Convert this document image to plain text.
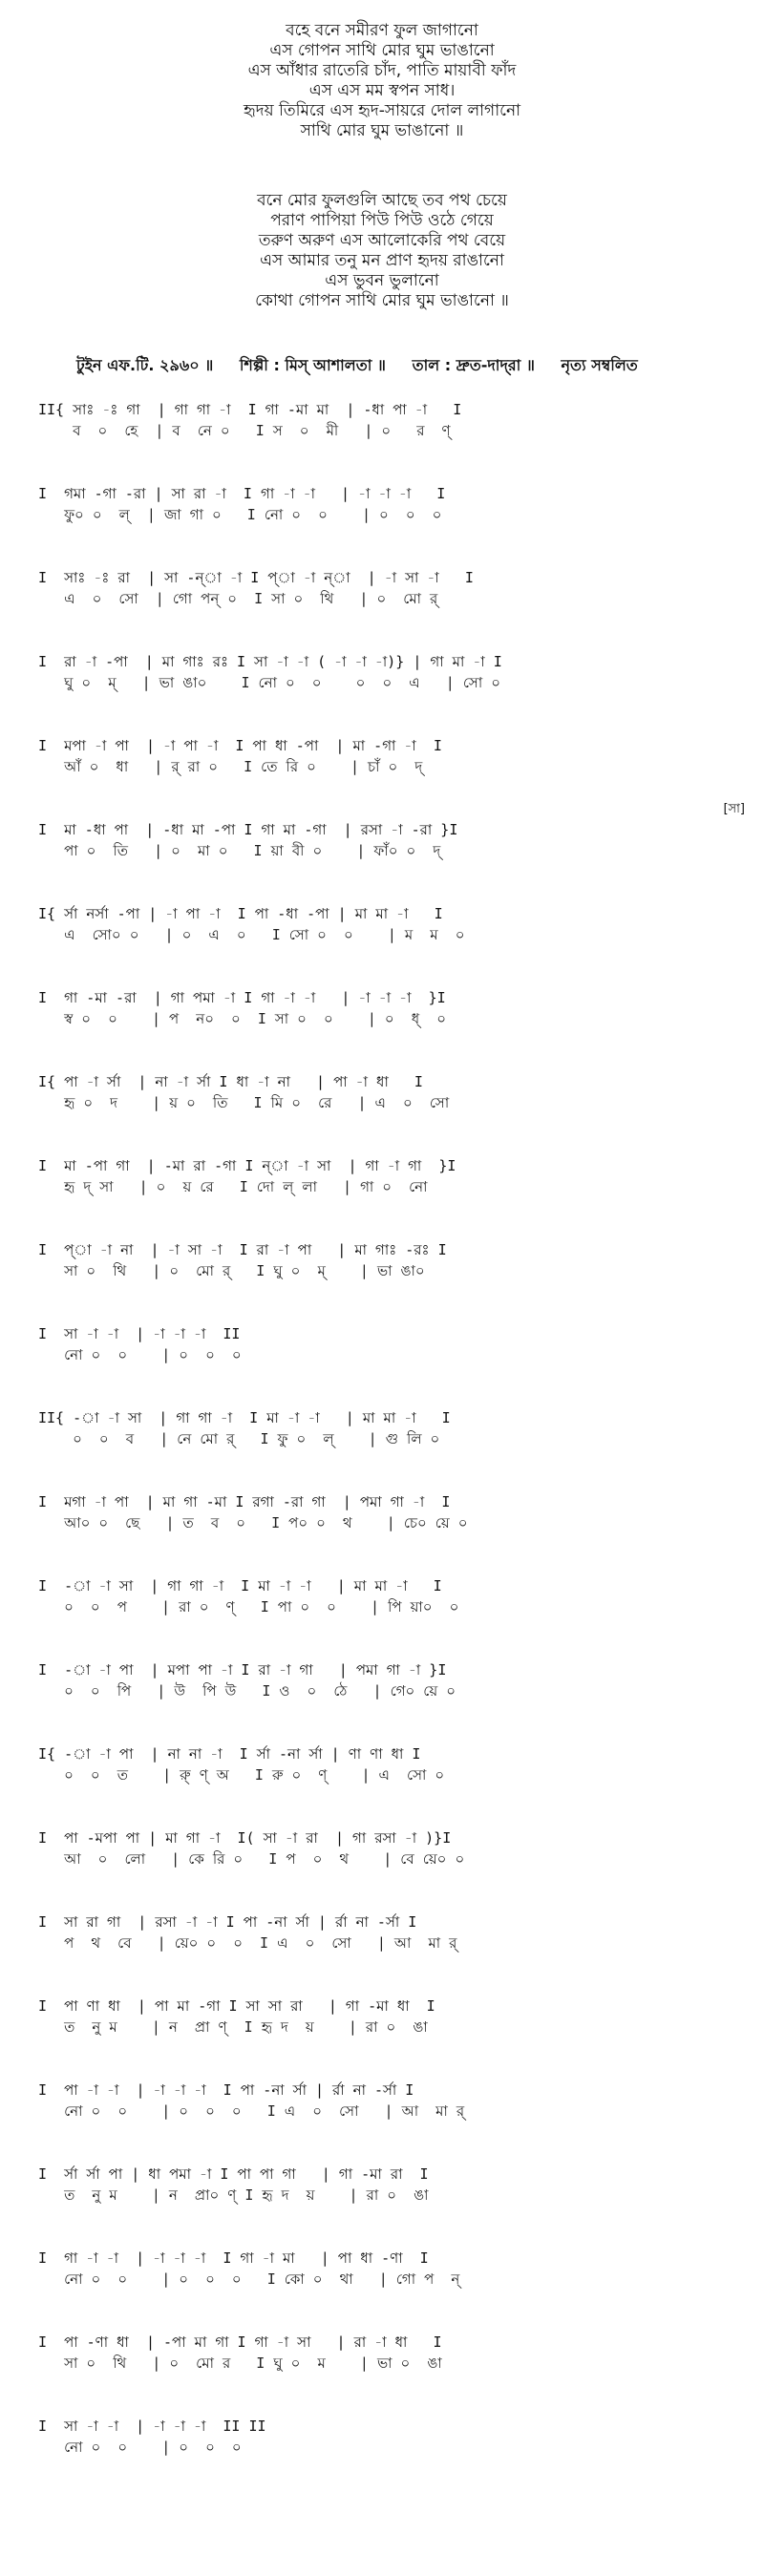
বহে বনে সমীরণ ফুল জাগানো
এস গোপন সাথি মোর ঘুম ভাঙানো
এস আঁধার রাতেরি চাঁদ, পাতি মায়াবী ফাঁদ
এস এস মম স্বপন সাধ।
হৃদয় তিমিরে এস হৃদ-সায়রে দোল লাগানো
সাথি মোর ঘুম ভাঙানো ॥
বনে মোর ফুলগুলি আছে তব পথ চেয়ে
পরাণ পাপিয়া পিউ পিউ ওঠে গেয়ে
তরুণ অরুণ এস আলোকেরি পথ বেয়ে
এস আমার তনু মন প্রাণ হৃদয় রাঙানো
এস ভুবন ভুলানো
কোথা গোপন সাথি মোর ঘুম ভাঙানো ॥
টুইন এফ.টি. ২৯৬০ ॥ শিল্পী : মিস্ আশালতা ॥ তাল : দ্রুত-দাদ্‌রা ॥ নৃত্য সম্বলিত
II{ সাঃ -ঃ গা  | গা গা -া  I গা -মা মা  | -ধা পা -া   I
ব  ০  হে  | ব  নে ০   I স  ০  মী   | ০   র  ণ্
I  গমা -গা -রা | সা রা -া  I গা -া -া   | -া -া -া   I
ফু০ ০  ল্  | জা গা ০   I নো ০  ০    | ০  ০  ০
I  সাঃ -ঃ রা  | সা -ন্া -া I প্া -া ন্া  | -া সা -া   I
এ  ০  সো  | গো পন্ ০  I সা ০  থি   | ০  মো র্
I  রা -া -পা  | মা গাঃ রঃ I সা -া -া ( -া -া -া)} | গা মা -া I
ঘু ০  ম্   | ভা ঙা০    I নো ০  ০    ০  ০  এ   | সো ০
I  মপা -া পা  | -া পা -া  I পা ধা -পা  | মা -গা -া  I
আঁ ০  ধা   | র্ রা ০   I তে রি ০    | চাঁ ০  দ্
[সা]
I  মা -ধা পা  | -ধা মা -পা I গা মা -গা  | রসা -া -রা }I
পা ০  তি   | ০  মা ০   I য়া বী ০    | ফাঁ০ ০  দ্
I{ র্সা নর্সা -পা | -া পা -া  I পা -ধা -পা | মা মা -া   I
এ  সো০ ০   | ০  এ  ০   I সো ০  ০    | ম  ম  ০
I  গা -মা -রা  | গা পমা -া I গা -া -া   | -া -া -া  }I
স্ব ০  ০    | প  ন০  ০  I সা ০  ০    | ০  ধ্  ০
I{ পা -া র্সা  | না -া র্সা I ধা -া না   | পা -া ধা   I
হৃ ০  দ    | য় ০  তি   I মি ০  রে   | এ  ০  সো
I  মা -পা গা  | -মা রা -গা I ন্া -া সা  | গা -া গা  }I
হৃ দ্ সা   | ০  য় রে   I দো ল্ লা   | গা ০  নো
I  প্া -া না  | -া সা -া  I রা -া পা   | মা গাঃ -রঃ I
সা ০  থি   | ০  মো র্   I ঘু ০  ম্    | ভা ঙা০
I  সা -া -া  | -া -া -া  II
নো ০  ০    | ০  ০  ০
II{ -া -া সা  | গা গা -া  I মা -া -া   | মা মা -া   I
০  ০  ব   | নে মো র্   I ফু ০  ল্    | গু লি ০
I  মগা -া পা  | মা গা -মা I রগা -রা গা  | পমা গা -া  I
আ০ ০  ছে   | ত  ব  ০   I প০ ০  থ    | চে০ য়ে ০
I  -া -া সা  | গা গা -া  I মা -া -া   | মা মা -া   I
০  ০  প    | রা ০  ণ্   I পা ০  ০    | পি য়া০  ০
I  -া -া পা  | মপা পা -া I রা -া গা   | পমা গা -া }I
০  ০  পি   | উ  পি উ   I ও  ০  ঠে   | গে০ য়ে ০
I{ -া -া পা  | না না -া  I র্সা -না র্সা | ণা ণা ধা I
০  ০  ত    | রু্ ণ্ অ   I রু ০  ণ্    | এ  সো ০
I  পা -মপা পা | মা গা -া  I( সা -া রা  | গা রসা -া )}I
আ  ০  লো   | কে রি ০   I প  ০  থ    | বে য়ে০ ০
I  সা রা গা  | রসা -া -া I পা -না র্সা | র্রা না -র্সা I
প  থ  বে   | য়ে০ ০  ০  I এ  ০  সো   | আ  মা র্
I  পা ণা ধা  | পা মা -গা I সা সা রা   | গা -মা ধা  I
ত  নু ম    | ন  প্রা ণ্  I হৃ দ  য়    | রা ০  ঙা
I  পা -া -া  | -া -া -া  I পা -না র্সা | র্রা না -র্সা I
নো ০  ০    | ০  ০  ০   I এ  ০  সো   | আ  মা র্
I  র্সা র্সা পা | ধা পমা -া I পা পা গা   | গা -মা রা  I
ত  নু ম    | ন  প্রা০ ণ্ I হৃ দ  য়    | রা ০  ঙা
I  গা -া -া  | -া -া -া  I গা -া মা   | পা ধা -ণা  I
নো ০  ০    | ০  ০  ০   I কো ০  থা   | গো প  ন্
I  পা -ণা ধা  | -পা মা গা I গা -া সা   | রা -া ধা   I
সা ০  থি   | ০  মো র   I ঘু ০  ম    | ভা ০  ঙা
I  সা -া -া  | -া -া -া  II II
নো ০  ০    | ০  ০  ০
